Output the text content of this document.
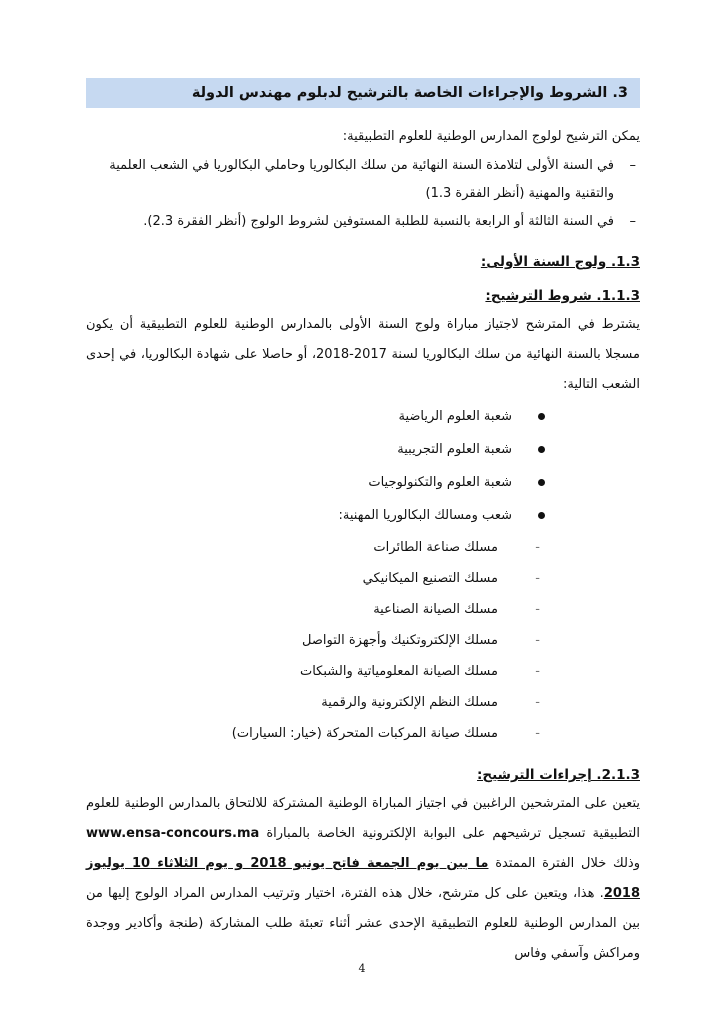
3. الشروط والإجراءات الخاصة بالترشيح لدبلوم مهندس الدولة

يمكن الترشيح لولوج المدارس الوطنية للعلوم التطبيقية:

–
في السنة الأولى لتلامذة السنة النهائية من سلك البكالوريا وحاملي البكالوريا في الشعب العلمية والتقنية والمهنية (أنظر الفقرة 1.3)
–
في السنة الثالثة أو الرابعة بالنسبة للطلبة المستوفين لشروط الولوج (أنظر الفقرة 2.3).
1.3. ولوج السنة الأولى:
1.1.3. شروط الترشيح:

يشترط في المترشح لاجتياز مباراة ولوج السنة الأولى بالمدارس الوطنية للعلوم التطبيقية أن يكون مسجلا بالسنة النهائية من سلك البكالوريا لسنة 2017-2018، أو حاصلا على شهادة البكالوريا، في إحدى الشعب التالية:

شعبة العلوم الرياضية
شعبة العلوم التجريبية
شعبة العلوم والتكنولوجيات
شعب ومسالك البكالوريا المهنية:
-
مسلك صناعة الطائرات
-
مسلك التصنيع الميكانيكي
-
مسلك الصيانة الصناعية
-
مسلك الإلكتروتكنيك وأجهزة التواصل
-
مسلك الصيانة المعلومياتية والشبكات
-
مسلك النظم الإلكترونية والرقمية
-
مسلك صيانة المركبات المتحركة (خيار: السيارات)
2.1.3. إجراءات الترشيح:

يتعين على المترشحين الراغبين في اجتياز المباراة الوطنية المشتركة للالتحاق بالمدارس الوطنية للعلوم التطبيقية تسجيل ترشيحهم على البوابة الإلكترونية الخاصة بالمباراة www.ensa-concours.ma وذلك خلال الفترة الممتدة ما بين يوم الجمعة فاتح يونيو 2018 و يوم الثلاثاء 10 يوليوز 2018. هذا، ويتعين على كل مترشح، خلال هذه الفترة، اختيار وترتيب المدارس المراد الولوج إليها من بين المدارس الوطنية للعلوم التطبيقية الإحدى عشر أثناء تعبئة طلب المشاركة (طنجة وأكادير ووجدة ومراكش وآسفي وفاس

4
